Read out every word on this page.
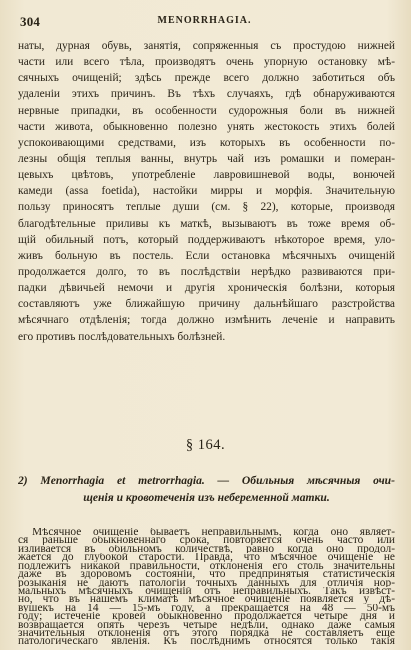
304	MENORRHAGIA.
наты, дурная обувь, занятія, сопряженныя съ простудою нижней
части или всего тѣла, производятъ очень упорную остановку мѣ-
сячныхъ очищеній; здѣсь прежде всего должно заботиться объ
удаленіи этихъ причинъ. Въ тѣхъ случаяхъ, гдѣ обнаруживаются
нервные припадки, въ особенности судорожныя боли въ нижней
части живота, обыкновенно полезно унять жестокость этихъ болей
успокоивающими средствами, изъ которыхъ въ особенности по-
лезны общія теплыя ванны, внутрь чай изъ ромашки и померан-
цевыхъ цвѣтовъ, употребленіе лавровишневой воды, вонючей
камеди (assa foetida), настойки мирры и морфія. Значительную
пользу приносятъ теплые души (см. § 22), которые, производя
благодѣтельные приливы къ маткѣ, вызываютъ въ тоже время об-
щій обильный потъ, который поддерживаютъ нѣкоторое время, уло-
живъ больную въ постель. Если остановка мѣсячныхъ очищеній
продолжается долго, то въ послѣдствіи нерѣдко развиваются при-
падки дѣвичьей немочи и другія хроническія болѣзни, которыя
составляютъ уже ближайшую причину дальнѣйшаго разстройства
мѣсячнаго отдѣленія; тогда должно измѣнить леченіе и направить
его противъ послѣдовательныхъ болѣзней.
§ 164.
2) Menorrhagia et metrorrhagia. — Обильныя мѣсячныя очи-
щенія и кровотеченія изъ небеременной матки.
Мѣсячное очищеніе бываетъ неправильнымъ, когда оно являет-
ся раньше обыкновеннаго срока, повторяется очень часто или
изливается въ обильномъ количествѣ, равно когда оно продол-
жается до глубокой старости. Правда, что мѣсячное очищеніе не
подлежитъ никакой правильности, отклоненія его столь значительны
даже въ здоровомъ состояніи, что предпринятыя статистическія
розыканія не даютъ патологіи точныхъ данныхъ для отличія нор-
мальныхъ мѣсячныхъ очищеній отъ неправильныхъ. Такъ извѣст-
но, что въ нашемъ климатѣ мѣсячное очищеніе появляется у дѣ-
вушекъ на 14 — 15-мъ году, а прекращается на 48 — 50-мъ
году; истеченіе кровей обыкновенно продолжается четыре дня и
возвращается опять черезъ четыре недѣли, однако даже самыя
значительныя отклоненія отъ этого порядка не составляетъ еще
патологическаго явленія. Къ послѣднимъ относятся только такія
